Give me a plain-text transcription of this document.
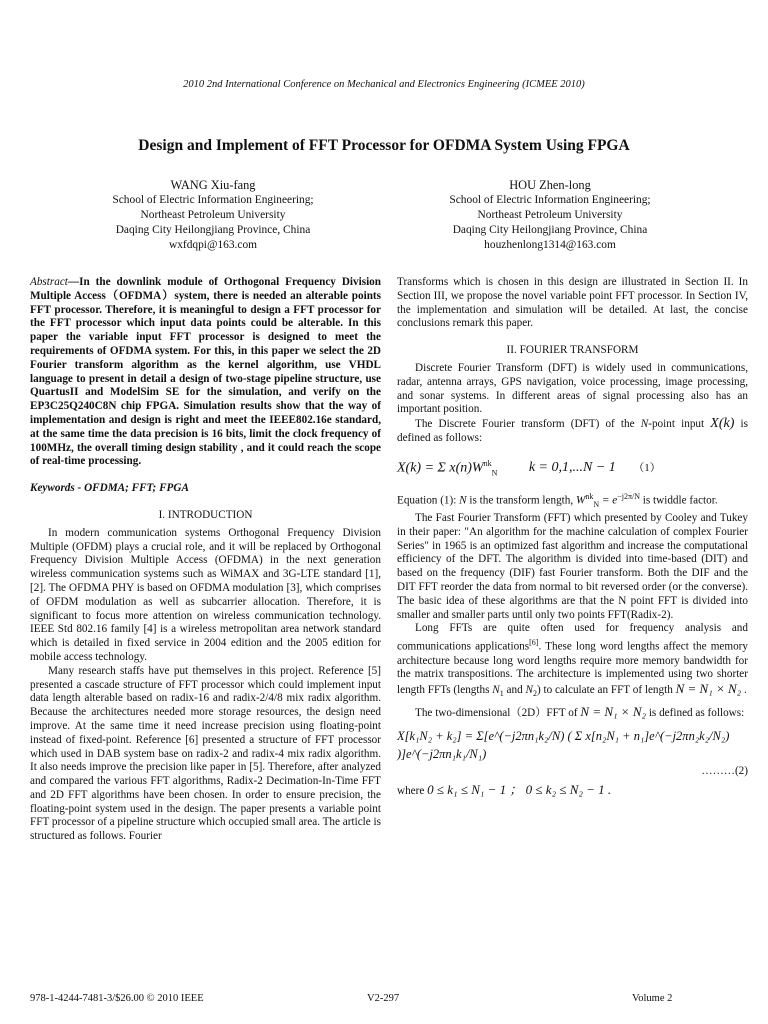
2010 2nd International Conference on Mechanical and Electronics Engineering (ICMEE 2010)
Design and Implement of FFT Processor for OFDMA System Using FPGA
WANG Xiu-fang
School of Electric Information Engineering;
Northeast Petroleum University
Daqing City Heilongjiang Province, China
wxfdqpi@163.com
HOU Zhen-long
School of Electric Information Engineering;
Northeast Petroleum University
Daqing City Heilongjiang Province, China
houzhenlong1314@163.com

Abstract—In the downlink module of Orthogonal Frequency Division Multiple Access（OFDMA）system, there is needed an alterable points FFT processor. Therefore, it is meaningful to design a FFT processor for the FFT processor which input data points could be alterable. In this paper the variable input FFT processor is designed to meet the requirements of OFDMA system. For this, in this paper we select the 2D Fourier transform algorithm as the kernel algorithm, use VHDL language to present in detail a design of two-stage pipeline structure, use QuartusII and ModelSim SE for the simulation, and verify on the EP3C25Q240C8N chip FPGA. Simulation results show that the way of implementation and design is right and meet the IEEE802.16e standard, at the same time the data precision is 16 bits, limit the clock frequency of 100MHz, the overall timing design stability , and it could reach the scope of real-time processing.

Keywords - OFDMA; FFT; FPGA

I. INTRODUCTION

In modern communication systems Orthogonal Frequency Division Multiple (OFDM) plays a crucial role, and it will be replaced by Orthogonal Frequency Division Multiple Access (OFDMA) in the next generation wireless communication systems such as WiMAX and 3G-LTE standard [1], [2]. The OFDMA PHY is based on OFDMA modulation [3], which comprises of OFDM modulation as well as subcarrier allocation. Therefore, it is significant to focus more attention on wireless communication technology. IEEE Std 802.16 family [4] is a wireless metropolitan area network standard which is detailed in fixed service in 2004 edition and the 2005 edition for mobile access technology.

Many research staffs have put themselves in this project. Reference [5] presented a cascade structure of FFT processor which could implement input data length alterable based on radix-16 and radix-2/4/8 mix radix algorithm. Because the architectures needed more storage resources, the design need improve. At the same time it need increase precision using floating-point instead of fixed-point. Reference [6] presented a structure of FFT processor which used in DAB system base on radix-2 and radix-4 mix radix algorithm. It also needs improve the precision like paper in [5]. Therefore, after analyzed and compared the various FFT algorithms, Radix-2 Decimation-In-Time FFT and 2D FFT algorithms have been chosen. In order to ensure precision, the floating-point system used in the design. The paper presents a variable point FFT processor of a pipeline structure which occupied small area. The article is structured as follows. Fourier

Transforms which is chosen in this design are illustrated in Section II. In Section III, we propose the novel variable point FFT processor. In Section IV, the implementation and simulation will be detailed. At last, the concise conclusions remark this paper.

II. FOURIER TRANSFORM

Discrete Fourier Transform (DFT) is widely used in communications, radar, antenna arrays, GPS navigation, voice processing, image processing, and sonar systems. In different areas of signal processing also has an important position.

The Discrete Fourier transform (DFT) of the N-point input X(k) is defined as follows:

X(k) = Σ $x(n)W^{nk}_N$ k = 0,1,...N − 1 （1）

Equation (1): N is the transform length, $W^{nk}_N = e^{-j2\pi/N}$ is twiddle factor.

The Fast Fourier Transform (FFT) which presented by Cooley and Tukey in their paper: "An algorithm for the machine calculation of complex Fourier Series" in 1965 is an optimized fast algorithm and increase the computational efficiency of the DFT. The algorithm is divided into time-based (DIT) and based on the frequency (DIF) fast Fourier transform. Both the DIF and the DIT FFT reorder the data from normal to bit reversed order (or the converse). The basic idea of these algorithms are that the N point FFT is divided into smaller and smaller parts until only two points FFT(Radix-2).

Long FFTs are quite often used for frequency analysis and communications applications[6]. These long word lengths affect the memory architecture because long word lengths require more memory bandwidth for the matrix transpositions. The architecture is implemented using two shorter length FFTs (lengths $N_1$ and $N_2$) to calculate an FFT of length N = N₁ × N₂ .

The two-dimensional（2D）FFT of N = N₁ × N₂ is defined as follows:

X[k₁N₂ + k₂] = Σ[e^(−j2πn₁k₂/N) ( Σ x[n₂N₁ + n₁]e^(−j2πn₂k₂/N₂) )]e^(−j2πn₁k₁/N₁)

………(2)

where 0 ≤ k₁ ≤ N₁ − 1 ； 0 ≤ k₂ ≤ N₂ − 1 .

978-1-4244-7481-3/$26.00 © 2010 IEEE	V2-297	Volume 2
